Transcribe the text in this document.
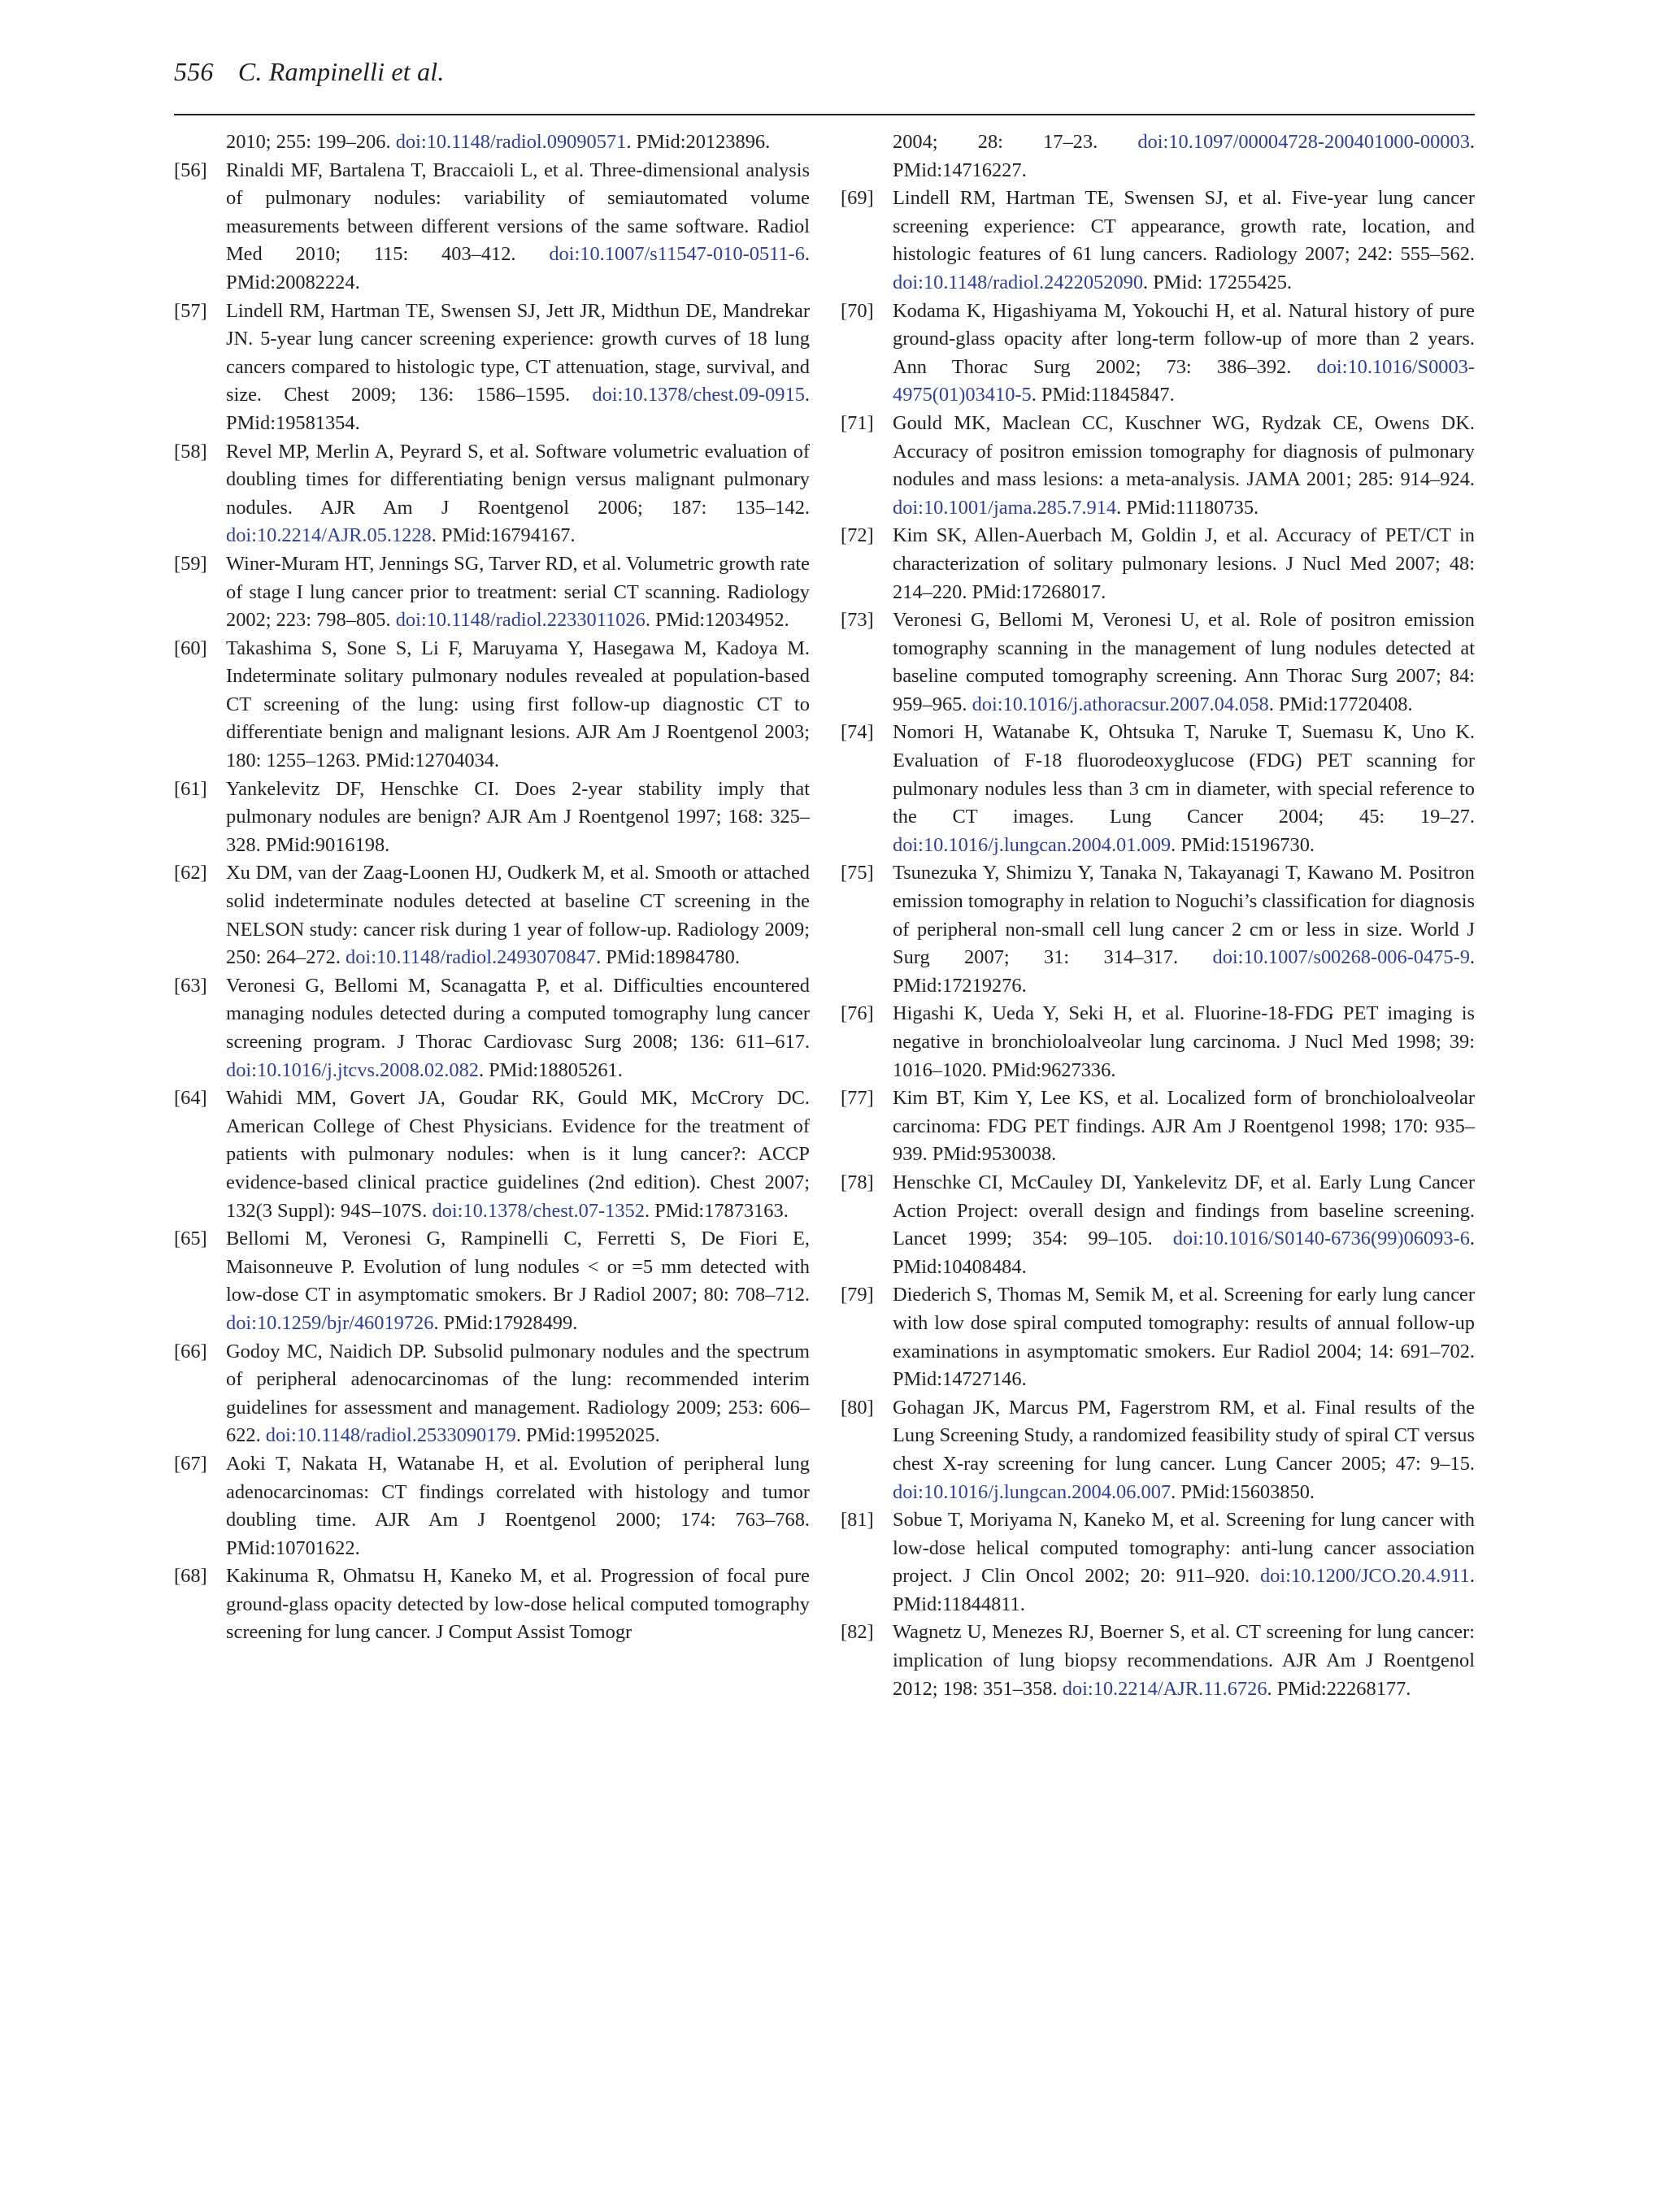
556 C. Rampinelli et al.

2010; 255: 199–206. doi:10.1148/radiol.09090571. PMid:20123896.

[56] Rinaldi MF, Bartalena T, Braccaioli L, et al. Three-dimensional analysis of pulmonary nodules: variability of semiautomated volume measurements between different versions of the same software. Radiol Med 2010; 115: 403–412. doi:10.1007/s11547-010-0511-6. PMid:20082224.

[57] Lindell RM, Hartman TE, Swensen SJ, Jett JR, Midthun DE, Mandrekar JN. 5-year lung cancer screening experience: growth curves of 18 lung cancers compared to histologic type, CT attenuation, stage, survival, and size. Chest 2009; 136: 1586–1595. doi:10.1378/chest.09-0915. PMid:19581354.

[58] Revel MP, Merlin A, Peyrard S, et al. Software volumetric evaluation of doubling times for differentiating benign versus malignant pulmonary nodules. AJR Am J Roentgenol 2006; 187: 135–142. doi:10.2214/AJR.05.1228. PMid:16794167.

[59] Winer-Muram HT, Jennings SG, Tarver RD, et al. Volumetric growth rate of stage I lung cancer prior to treatment: serial CT scanning. Radiology 2002; 223: 798–805. doi:10.1148/radiol.2233011026. PMid:12034952.

[60] Takashima S, Sone S, Li F, Maruyama Y, Hasegawa M, Kadoya M. Indeterminate solitary pulmonary nodules revealed at population-based CT screening of the lung: using first follow-up diagnostic CT to differentiate benign and malignant lesions. AJR Am J Roentgenol 2003; 180: 1255–1263. PMid:12704034.

[61] Yankelevitz DF, Henschke CI. Does 2-year stability imply that pulmonary nodules are benign? AJR Am J Roentgenol 1997; 168: 325–328. PMid:9016198.

[62] Xu DM, van der Zaag-Loonen HJ, Oudkerk M, et al. Smooth or attached solid indeterminate nodules detected at baseline CT screening in the NELSON study: cancer risk during 1 year of follow-up. Radiology 2009; 250: 264–272. doi:10.1148/radiol.2493070847. PMid:18984780.

[63] Veronesi G, Bellomi M, Scanagatta P, et al. Difficulties encountered managing nodules detected during a computed tomography lung cancer screening program. J Thorac Cardiovasc Surg 2008; 136: 611–617. doi:10.1016/j.jtcvs.2008.02.082. PMid:18805261.

[64] Wahidi MM, Govert JA, Goudar RK, Gould MK, McCrory DC. American College of Chest Physicians. Evidence for the treatment of patients with pulmonary nodules: when is it lung cancer?: ACCP evidence-based clinical practice guidelines (2nd edition). Chest 2007; 132(3 Suppl): 94S–107S. doi:10.1378/chest.07-1352. PMid:17873163.

[65] Bellomi M, Veronesi G, Rampinelli C, Ferretti S, De Fiori E, Maisonneuve P. Evolution of lung nodules < or =5 mm detected with low-dose CT in asymptomatic smokers. Br J Radiol 2007; 80: 708–712. doi:10.1259/bjr/46019726. PMid:17928499.

[66] Godoy MC, Naidich DP. Subsolid pulmonary nodules and the spectrum of peripheral adenocarcinomas of the lung: recommended interim guidelines for assessment and management. Radiology 2009; 253: 606–622. doi:10.1148/radiol.2533090179. PMid:19952025.

[67] Aoki T, Nakata H, Watanabe H, et al. Evolution of peripheral lung adenocarcinomas: CT findings correlated with histology and tumor doubling time. AJR Am J Roentgenol 2000; 174: 763–768. PMid:10701622.

[68] Kakinuma R, Ohmatsu H, Kaneko M, et al. Progression of focal pure ground-glass opacity detected by low-dose helical computed tomography screening for lung cancer. J Comput Assist Tomogr

2004; 28: 17–23. doi:10.1097/00004728-200401000-00003. PMid:14716227.

[69] Lindell RM, Hartman TE, Swensen SJ, et al. Five-year lung cancer screening experience: CT appearance, growth rate, location, and histologic features of 61 lung cancers. Radiology 2007; 242: 555–562. doi:10.1148/radiol.2422052090. PMid: 17255425.

[70] Kodama K, Higashiyama M, Yokouchi H, et al. Natural history of pure ground-glass opacity after long-term follow-up of more than 2 years. Ann Thorac Surg 2002; 73: 386–392. doi:10.1016/S0003-4975(01)03410-5. PMid:11845847.

[71] Gould MK, Maclean CC, Kuschner WG, Rydzak CE, Owens DK. Accuracy of positron emission tomography for diagnosis of pulmonary nodules and mass lesions: a meta-analysis. JAMA 2001; 285: 914–924. doi:10.1001/jama.285.7.914. PMid:11180735.

[72] Kim SK, Allen-Auerbach M, Goldin J, et al. Accuracy of PET/CT in characterization of solitary pulmonary lesions. J Nucl Med 2007; 48: 214–220. PMid:17268017.

[73] Veronesi G, Bellomi M, Veronesi U, et al. Role of positron emission tomography scanning in the management of lung nodules detected at baseline computed tomography screening. Ann Thorac Surg 2007; 84: 959–965. doi:10.1016/j.athoracsur.2007.04.058. PMid:17720408.

[74] Nomori H, Watanabe K, Ohtsuka T, Naruke T, Suemasu K, Uno K. Evaluation of F-18 fluorodeoxyglucose (FDG) PET scanning for pulmonary nodules less than 3 cm in diameter, with special reference to the CT images. Lung Cancer 2004; 45: 19–27. doi:10.1016/j.lungcan.2004.01.009. PMid:15196730.

[75] Tsunezuka Y, Shimizu Y, Tanaka N, Takayanagi T, Kawano M. Positron emission tomography in relation to Noguchi’s classification for diagnosis of peripheral non-small cell lung cancer 2 cm or less in size. World J Surg 2007; 31: 314–317. doi:10.1007/s00268-006-0475-9. PMid:17219276.

[76] Higashi K, Ueda Y, Seki H, et al. Fluorine-18-FDG PET imaging is negative in bronchioloalveolar lung carcinoma. J Nucl Med 1998; 39: 1016–1020. PMid:9627336.

[77] Kim BT, Kim Y, Lee KS, et al. Localized form of bronchioloalveolar carcinoma: FDG PET findings. AJR Am J Roentgenol 1998; 170: 935–939. PMid:9530038.

[78] Henschke CI, McCauley DI, Yankelevitz DF, et al. Early Lung Cancer Action Project: overall design and findings from baseline screening. Lancet 1999; 354: 99–105. doi:10.1016/S0140-6736(99)06093-6. PMid:10408484.

[79] Diederich S, Thomas M, Semik M, et al. Screening for early lung cancer with low dose spiral computed tomography: results of annual follow-up examinations in asymptomatic smokers. Eur Radiol 2004; 14: 691–702. PMid:14727146.

[80] Gohagan JK, Marcus PM, Fagerstrom RM, et al. Final results of the Lung Screening Study, a randomized feasibility study of spiral CT versus chest X-ray screening for lung cancer. Lung Cancer 2005; 47: 9–15. doi:10.1016/j.lungcan.2004.06.007. PMid:15603850.

[81] Sobue T, Moriyama N, Kaneko M, et al. Screening for lung cancer with low-dose helical computed tomography: anti-lung cancer association project. J Clin Oncol 2002; 20: 911–920. doi:10.1200/JCO.20.4.911. PMid:11844811.

[82] Wagnetz U, Menezes RJ, Boerner S, et al. CT screening for lung cancer: implication of lung biopsy recommendations. AJR Am J Roentgenol 2012; 198: 351–358. doi:10.2214/AJR.11.6726. PMid:22268177.
